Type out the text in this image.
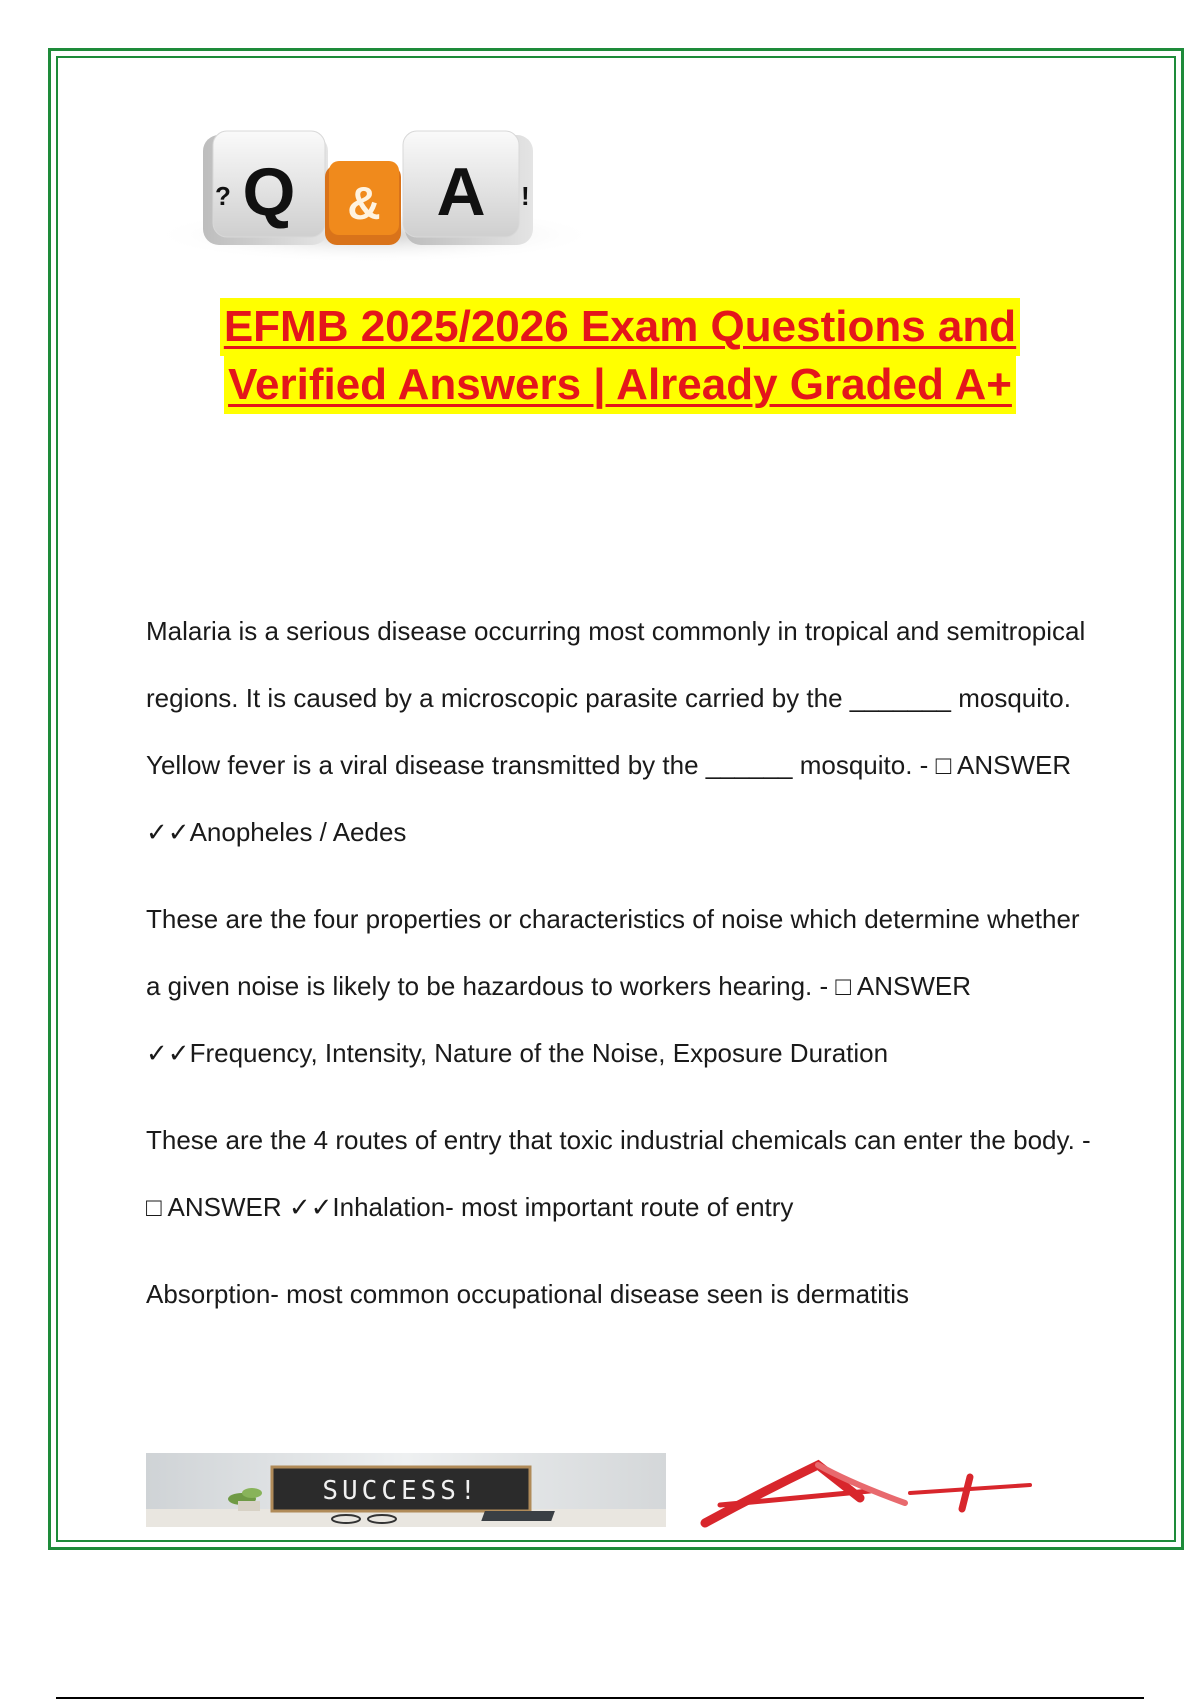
Q
?	& A !
EFMB 2025/2026 Exam Questions and
Verified Answers | Already Graded A+

Malaria is a serious disease occurring most commonly in tropical and semitropical regions. It is caused by a microscopic parasite carried by the _______ mosquito. Yellow fever is a viral disease transmitted by the ______ mosquito. - □ ANSWER ✓✓Anopheles / Aedes

These are the four properties or characteristics of noise which determine whether a given noise is likely to be hazardous to workers hearing. - □ ANSWER ✓✓Frequency, Intensity, Nature of the Noise, Exposure Duration

These are the 4 routes of entry that toxic industrial chemicals can enter the body. - □ ANSWER ✓✓Inhalation- most important route of entry

Absorption- most common occupational disease seen is dermatitis

SUCCESS!
A+
